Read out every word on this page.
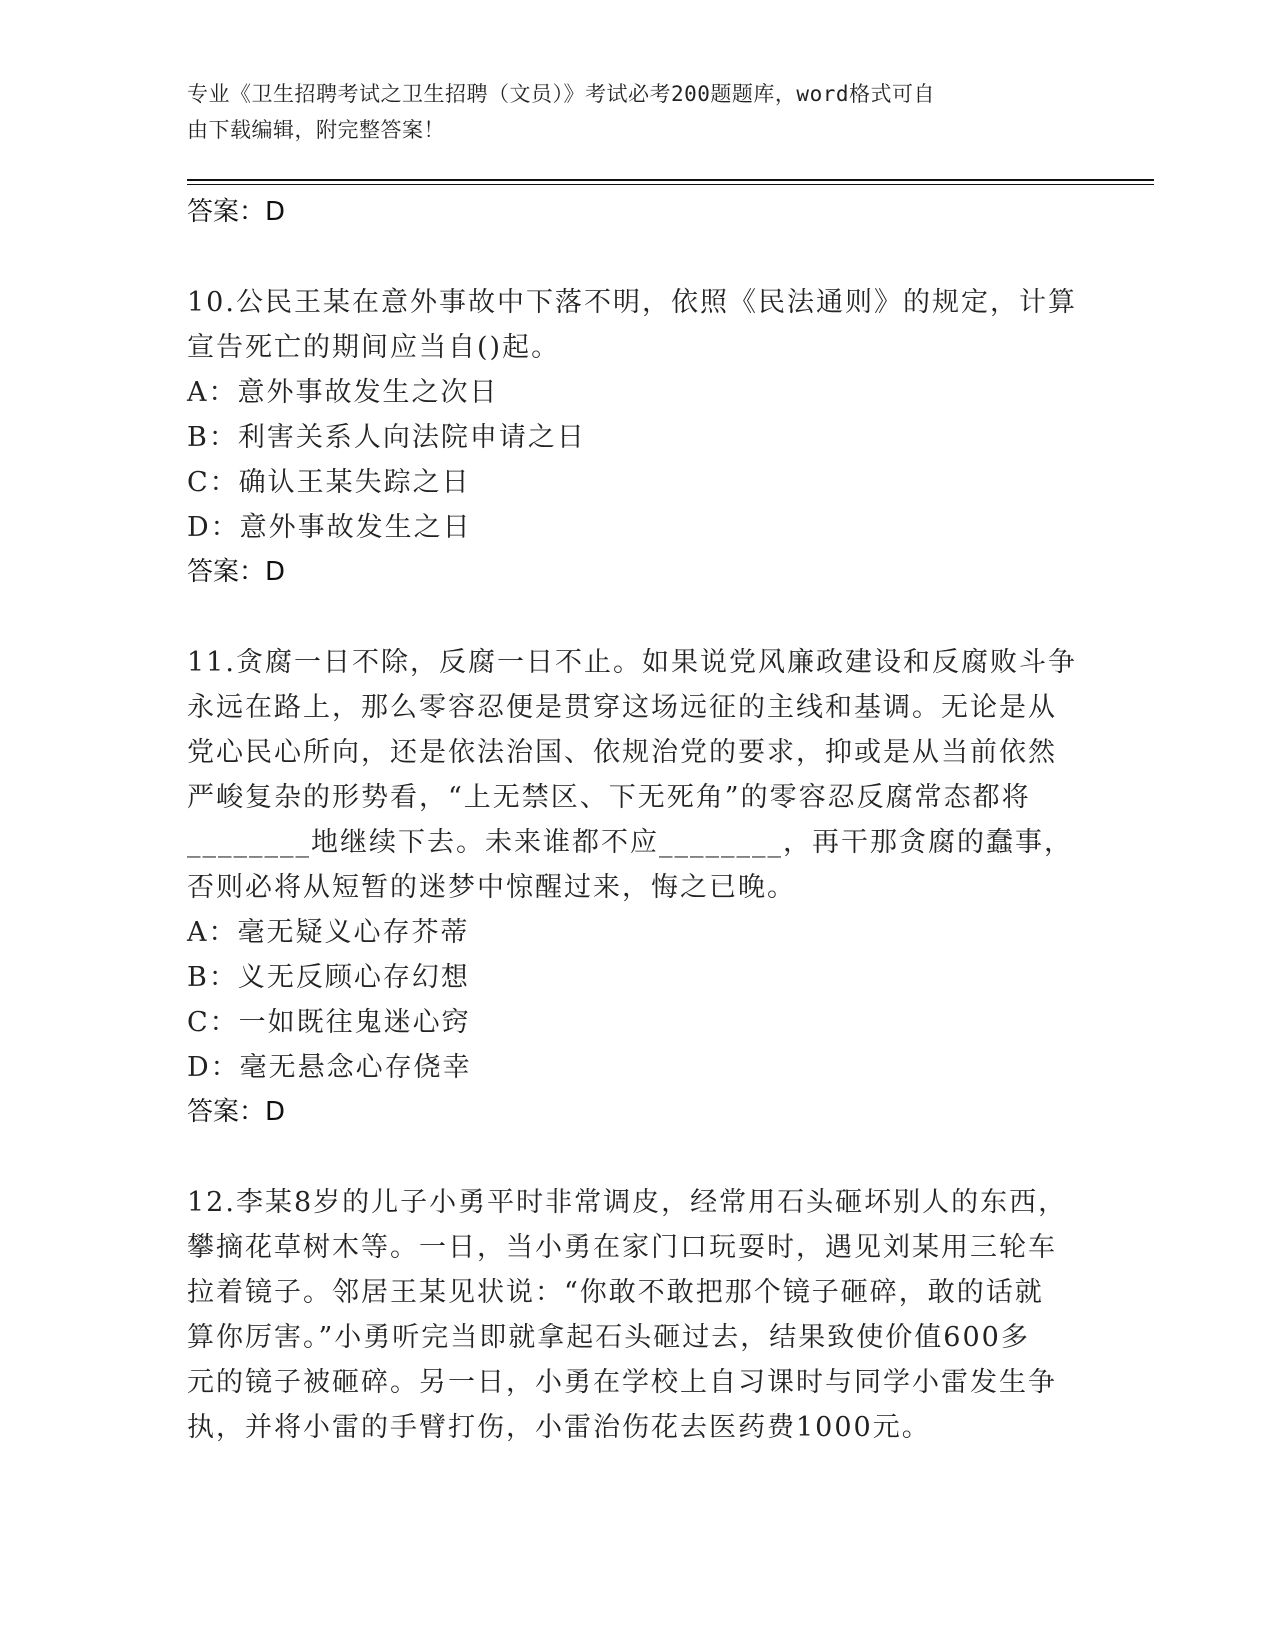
专业《卫生招聘考试之卫生招聘（文员）》考试必考200题题库，word格式可自
由下载编辑，附完整答案！

答案：D

10.公民王某在意外事故中下落不明，依照《民法通则》的规定，计算

宣告死亡的期间应当自()起。

A：意外事故发生之次日

B：利害关系人向法院申请之日

C：确认王某失踪之日

D：意外事故发生之日

答案：D

11.贪腐一日不除，反腐一日不止。如果说党风廉政建设和反腐败斗争

永远在路上，那么零容忍便是贯穿这场远征的主线和基调。无论是从

党心民心所向，还是依法治国、依规治党的要求，抑或是从当前依然

严峻复杂的形势看，“上无禁区、下无死角”的零容忍反腐常态都将

________地继续下去。未来谁都不应________，再干那贪腐的蠢事，

否则必将从短暂的迷梦中惊醒过来，悔之已晚。

A：毫无疑义心存芥蒂

B：义无反顾心存幻想

C：一如既往鬼迷心窍

D：毫无悬念心存侥幸

答案：D

12.李某8岁的儿子小勇平时非常调皮，经常用石头砸坏别人的东西，

攀摘花草树木等。一日，当小勇在家门口玩耍时，遇见刘某用三轮车

拉着镜子。邻居王某见状说：“你敢不敢把那个镜子砸碎，敢的话就

算你厉害。”小勇听完当即就拿起石头砸过去，结果致使价值600多

元的镜子被砸碎。另一日，小勇在学校上自习课时与同学小雷发生争

执，并将小雷的手臂打伤，小雷治伤花去医药费1000元。
